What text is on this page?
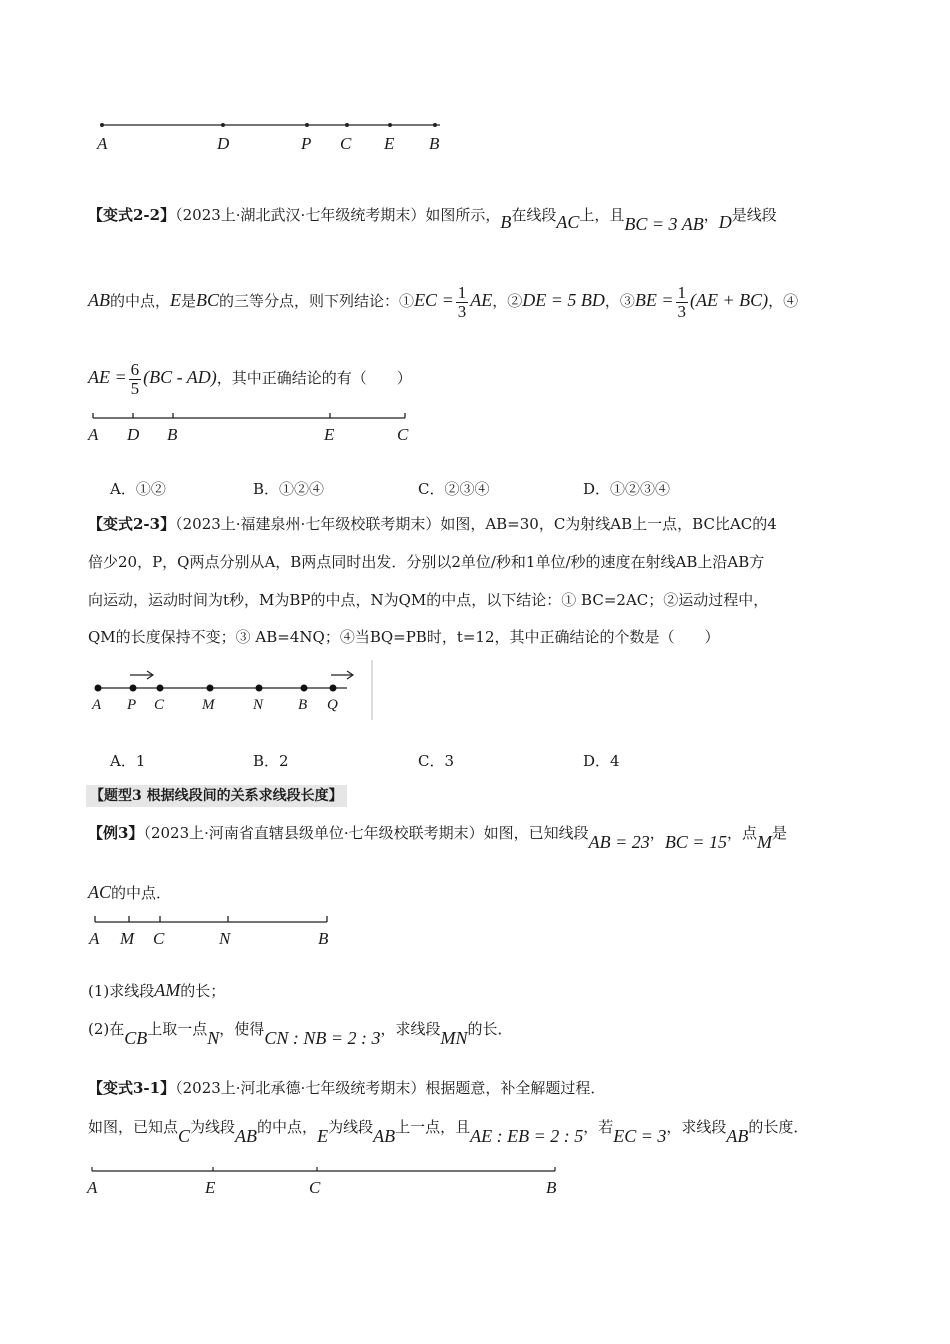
A	D	P C E B
【变式2-2】（2023上·湖北武汉·七年级统考期末）如图所示，B在线段AC上，且BC = 3 AB，D是线段
AB的中点，E是BC的三等分点，则下列结论：①EC = $\frac{1}{3}$ AE，②DE = 5 BD，③BE = $\frac{1}{3} (AE + BC)$，④
AE = $\frac{6}{5} (BC - AD)$，其中正确结论的有（　　）
A D B	E	C
A．①②	B．①②④	C．②③④	D．①②③④
【变式2-3】（2023上·福建泉州·七年级校联考期末）如图，AB=30，C为射线AB上一点，BC比AC的4
倍少20，P，Q两点分别从A，B两点同时出发．分别以2单位/秒和1单位/秒的速度在射线AB上沿AB方
向运动，运动时间为t秒，M为BP的中点，N为QM的中点，以下结论：① BC=2AC；②运动过程中，
QM的长度保持不变；③ AB=4NQ；④当BQ=PB时，t=12，其中正确结论的个数是（　　）
A P C	M	N B Q
A．1	B．2	C．3	D．4
【题型3 根据线段间的关系求线段长度】
【例3】（2023上·河南省直辖县级单位·七年级校联考期末）如图，已知线段AB = 23，BC = 15，点M是
AC的中点．
A M C	N	B
(1)求线段AM的长；
(2)在CB上取一点N，使得CN : NB = 2 : 3，求线段MN的长．
【变式3-1】（2023上·河北承德·七年级统考期末）根据题意，补全解题过程．
如图，已知点C为线段AB的中点，E为线段AB上一点，且AE : EB = 2 : 5，若EC = 3，求线段AB的长度．
A	E	C	B
